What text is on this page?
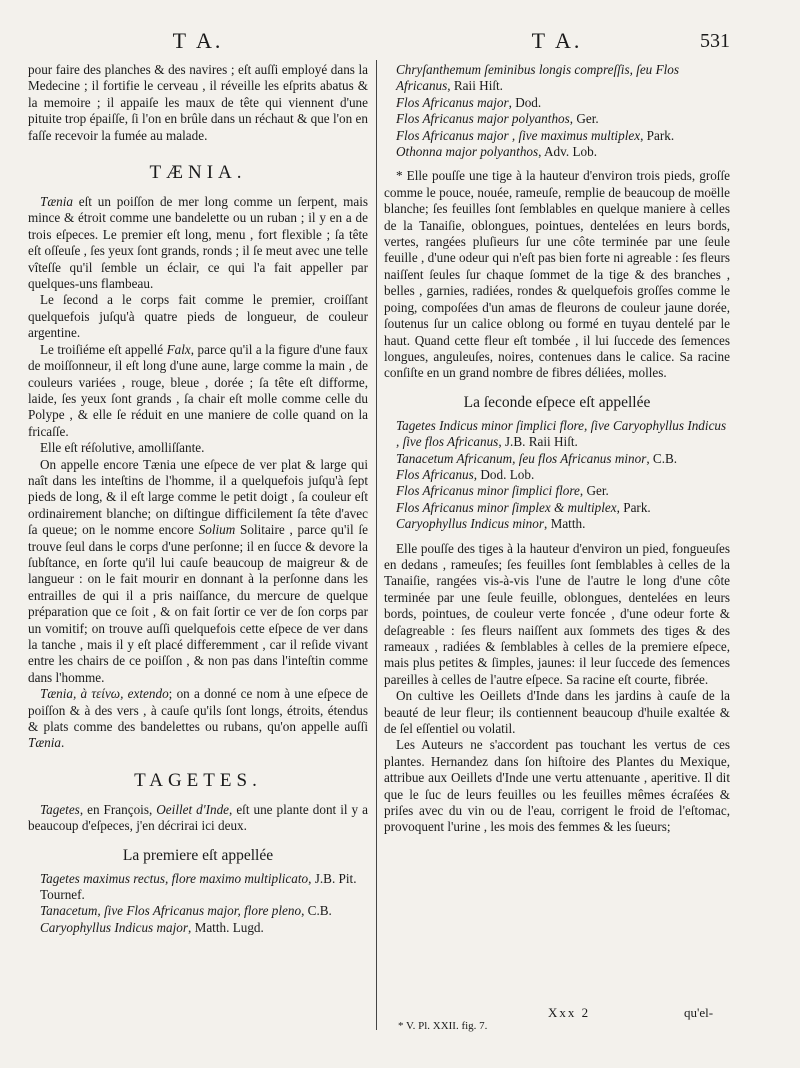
T A.

pour faire des planches & des navires ; eſt auſſi employé dans la Medecine ; il fortifie le cerveau , il réveille les eſprits abatus & la memoire ; il appaiſe les maux de tête qui viennent d'une pituite trop épaiſſe, ſi l'on en brûle dans un réchaut & que l'on en faſſe recevoir la fumée au malade.

TÆNIA.

Tænia eſt un poiſſon de mer long comme un ſerpent, mais mince & étroit comme une bandelette ou un ruban ; il y en a de trois eſpeces. Le premier eſt long, menu , fort flexible ; ſa tête eſt oſſeuſe , ſes yeux ſont grands, ronds ; il ſe meut avec une telle vîteſſe qu'il ſemble un éclair, ce qui l'a fait appeller par quelques-uns flambeau.

Le ſecond a le corps fait comme le premier, croiſſant quelquefois juſqu'à quatre pieds de longueur, de couleur argentine.

Le troiſiéme eſt appellé Falx, parce qu'il a la figure d'une faux de moiſſonneur, il eſt long d'une aune, large comme la main , de couleurs variées , rouge, bleue , dorée ; ſa tête eſt difforme, laide, ſes yeux ſont grands , ſa chair eſt molle comme celle du Polype , & elle ſe réduit en une maniere de colle quand on la fricaſſe.

Elle eſt réſolutive, amolliſſante.

On appelle encore Tænia une eſpece de ver plat & large qui naît dans les inteſtins de l'homme, il a quelquefois juſqu'à ſept pieds de long, & il eſt large comme le petit doigt , ſa couleur eſt ordinairement blanche; on diſtingue difficilement ſa tête d'avec ſa queue; on le nomme encore Solium Solitaire , parce qu'il ſe trouve ſeul dans le corps d'une perſonne; il en ſucce & devore la ſubſtance, en ſorte qu'il lui cauſe beaucoup de maigreur & de langueur : on le fait mourir en donnant à la perſonne dans les entrailles de qui il a pris naiſſance, du mercure de quelque préparation que ce ſoit , & on fait ſortir ce ver de ſon corps par un vomitif; on trouve auſſi quelquefois cette eſpece de ver dans la tanche , mais il y eſt placé differemment , car il reſide vivant entre les chairs de ce poiſſon , & non pas dans l'inteſtin comme dans l'homme.

Tænia, à τείνω, extendo; on a donné ce nom à une eſpece de poiſſon & à des vers , à cauſe qu'ils ſont longs, étroits, étendus & plats comme des bandelettes ou rubans, qu'on appelle auſſi Tænia.

TAGETES.

Tagetes, en François, Oeillet d'Inde, eſt une plante dont il y a beaucoup d'eſpeces, j'en décrirai ici deux.

La premiere eſt appellée

Tagetes maximus rectus, flore maximo multiplicato, J.B. Pit. Tournef.

Tanacetum, ſive Flos Africanus major, flore pleno, C.B.

Caryophyllus Indicus major, Matth. Lugd.

531
T A.

Chryſanthemum ſeminibus longis compreſſis, ſeu Flos Africanus, Raii Hiſt.

Flos Africanus major, Dod.

Flos Africanus major polyanthos, Ger.

Flos Africanus major , ſive maximus multiplex, Park.

Othonna major polyanthos, Adv. Lob.

* Elle pouſſe une tige à la hauteur d'environ trois pieds, groſſe comme le pouce, nouée, rameuſe, remplie de beaucoup de moëlle blanche; ſes feuilles ſont ſemblables en quelque maniere à celles de la Tanaiſie, oblongues, pointues, dentelées en leurs bords, vertes, rangées pluſieurs ſur une côte terminée par une ſeule feuille , d'une odeur qui n'eſt pas bien forte ni agreable : ſes fleurs naiſſent ſeules ſur chaque ſommet de la tige & des branches , belles , garnies, radiées, rondes & quelquefois groſſes comme le poing, compoſées d'un amas de fleurons de couleur jaune dorée, ſoutenus ſur un calice oblong ou formé en tuyau dentelé par le haut. Quand cette fleur eſt tombée , il lui ſuccede des ſemences longues, anguleuſes, noires, contenues dans le calice. Sa racine conſiſte en un grand nombre de fibres déliées, molles.

La ſeconde eſpece eſt appellée

Tagetes Indicus minor ſimplici flore, ſive Caryophyllus Indicus , ſive flos Africanus, J.B. Raii Hiſt.

Tanacetum Africanum, ſeu flos Africanus minor, C.B.

Flos Africanus, Dod. Lob.

Flos Africanus minor ſimplici flore, Ger.

Flos Africanus minor ſimplex & multiplex, Park.

Caryophyllus Indicus minor, Matth.

Elle pouſſe des tiges à la hauteur d'environ un pied, fongueuſes en dedans , rameuſes; ſes feuilles ſont ſemblables à celles de la Tanaiſie, rangées vis-à-vis l'une de l'autre le long d'une côte terminée par une ſeule feuille, oblongues, dentelées en leurs bords, pointues, de couleur verte foncée , d'une odeur forte & deſagreable : ſes fleurs naiſſent aux ſommets des tiges & des rameaux , radiées & ſemblables à celles de la premiere eſpece, mais plus petites & ſimples, jaunes: il leur ſuccede des ſemences pareilles à celles de l'autre eſpece. Sa racine eſt courte, fibrée.

On cultive les Oeillets d'Inde dans les jardins à cauſe de la beauté de leur fleur; ils contiennent beaucoup d'huile exaltée & de ſel eſſentiel ou volatil.

Les Auteurs ne s'accordent pas touchant les vertus de ces plantes. Hernandez dans ſon hiſtoire des Plantes du Mexique, attribue aux Oeillets d'Inde une vertu attenuante , aperitive. Il dit que le ſuc de leurs feuilles ou les feuilles mêmes écraſées & priſes avec du vin ou de l'eau, corrigent le froid de l'eſtomac, provoquent l'urine , les mois des femmes & les ſueurs;

Xxx 2	qu'el-
* V. Pl. XXII. fig. 7.
